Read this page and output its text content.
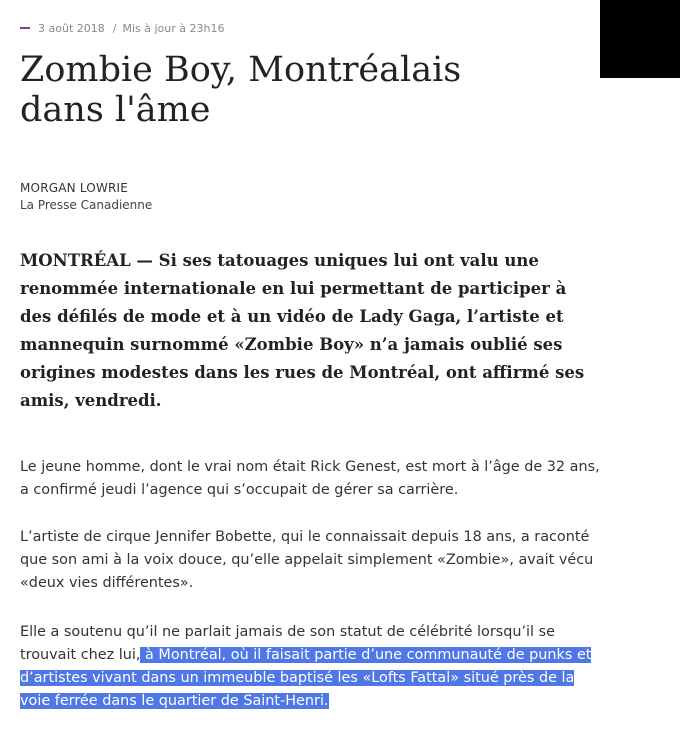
3 août 2018 / Mis à jour à 23h16
Zombie Boy, Montréalais
dans l'âme
MORGAN LOWRIE
La Presse Canadienne

MONTRÉAL — Si ses tatouages uniques lui ont valu une renommée internationale en lui permettant de participer à des défilés de mode et à un vidéo de Lady Gaga, l’artiste et mannequin surnommé «Zombie Boy» n’a jamais oublié ses origines modestes dans les rues de Montréal, ont affirmé ses amis, vendredi.

Le jeune homme, dont le vrai nom était Rick Genest, est mort à l’âge de 32 ans, a confirmé jeudi l’agence qui s’occupait de gérer sa carrière.

L’artiste de cirque Jennifer Bobette, qui le connaissait depuis 18 ans, a raconté que son ami à la voix douce, qu’elle appelait simplement «Zombie», avait vécu «deux vies différentes».

Elle a soutenu qu’il ne parlait jamais de son statut de célébrité lorsqu’il se trouvait chez lui, à Montréal, où il faisait partie d’une communauté de punks et d’artistes vivant dans un immeuble baptisé les «Lofts Fattal» situé près de la voie ferrée dans le quartier de Saint-Henri.
